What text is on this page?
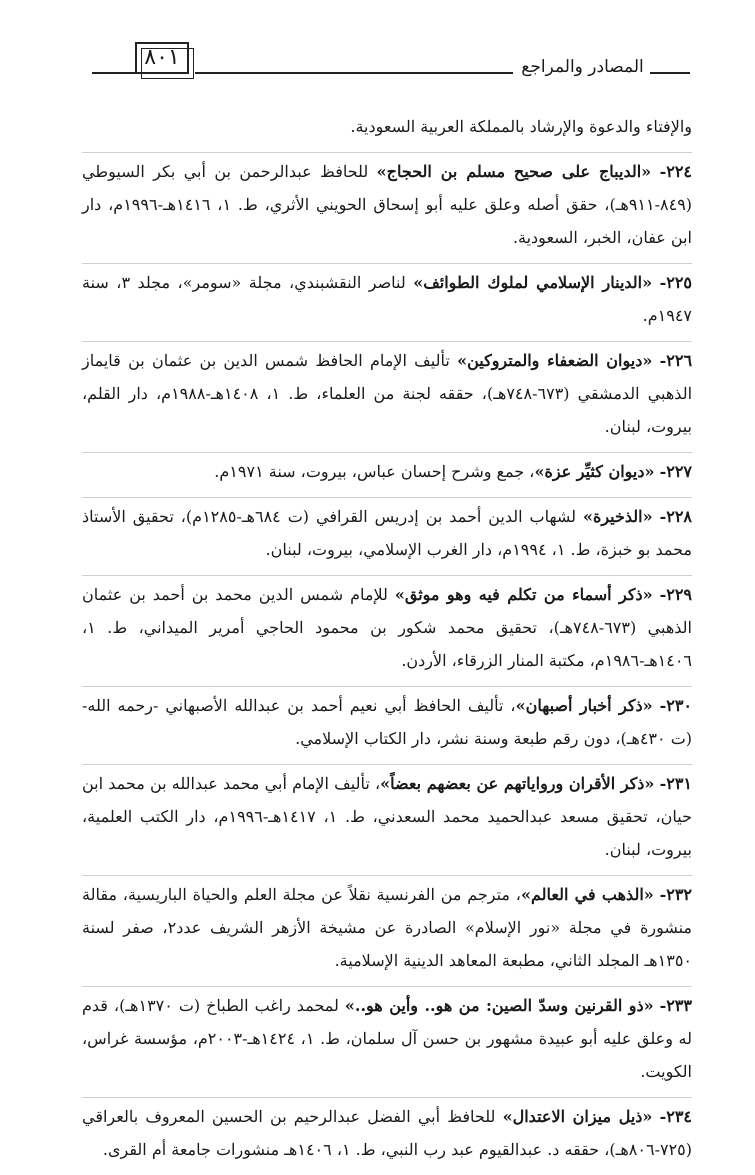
٨٠١	المصادر والمراجع

والإفتاء والدعوة والإرشاد بالمملكة العربية السعودية.

٢٢٤- «الديباج على صحيح مسلم بن الحجاج» للحافظ عبدالرحمن بن أبي بكر السيوطي (٨٤٩-٩١١هـ)، حقق أصله وعلق عليه أبو إسحاق الحويني الأثري، ط. ١، ١٤١٦هـ-١٩٩٦م، دار ابن عفان، الخبر، السعودية.

٢٢٥- «الدينار الإسلامي لملوك الطوائف» لناصر النقشبندي، مجلة «سومر»، مجلد ٣، سنة ١٩٤٧م.

٢٢٦- «ديوان الضعفاء والمتروكين» تأليف الإمام الحافظ شمس الدين بن عثمان بن قايماز الذهبي الدمشقي (٦٧٣-٧٤٨هـ)، حققه لجنة من العلماء، ط. ١، ١٤٠٨هـ-١٩٨٨م، دار القلم، بيروت، لبنان.

٢٢٧- «ديوان كثيِّر عزة»، جمع وشرح إحسان عباس، بيروت، سنة ١٩٧١م.

٢٢٨- «الذخيرة» لشهاب الدين أحمد بن إدريس القرافي (ت ٦٨٤هـ-١٢٨٥م)، تحقيق الأستاذ محمد بو خبزة، ط. ١، ١٩٩٤م، دار الغرب الإسلامي، بيروت، لبنان.

٢٢٩- «ذكر أسماء من تكلم فيه وهو موثق» للإمام شمس الدين محمد بن أحمد بن عثمان الذهبي (٦٧٣-٧٤٨هـ)، تحقيق محمد شكور بن محمود الحاجي أمرير الميداني، ط. ١، ١٤٠٦هـ-١٩٨٦م، مكتبة المنار الزرقاء، الأردن.

٢٣٠- «ذكر أخبار أصبهان»، تأليف الحافظ أبي نعيم أحمد بن عبدالله الأصبهاني -رحمه الله- (ت ٤٣٠هـ)، دون رقم طبعة وسنة نشر، دار الكتاب الإسلامي.

٢٣١- «ذكر الأقران ورواياتهم عن بعضهم بعضاً»، تأليف الإمام أبي محمد عبدالله بن محمد ابن حيان، تحقيق مسعد عبدالحميد محمد السعدني، ط. ١، ١٤١٧هـ-١٩٩٦م، دار الكتب العلمية، بيروت، لبنان.

٢٣٢- «الذهب في العالم»، مترجم من الفرنسية نقلاً عن مجلة العلم والحياة الباريسية، مقالة منشورة في مجلة «نور الإسلام» الصادرة عن مشيخة الأزهر الشريف عدد٢، صفر لسنة ١٣٥٠هـ المجلد الثاني، مطبعة المعاهد الدينية الإسلامية.

٢٣٣- «ذو القرنين وسدّ الصين: من هو.. وأين هو..» لمحمد راغب الطباخ (ت ١٣٧٠هـ)، قدم له وعلق عليه أبو عبيدة مشهور بن حسن آل سلمان، ط. ١، ١٤٢٤هـ-٢٠٠٣م، مؤسسة غراس، الكويت.

٢٣٤- «ذيل ميزان الاعتدال» للحافظ أبي الفضل عبدالرحيم بن الحسين المعروف بالعراقي (٧٢٥-٨٠٦هـ)، حققه د. عبدالقيوم عبد رب النبي، ط. ١، ١٤٠٦هـ منشورات جامعة أم القرى.
